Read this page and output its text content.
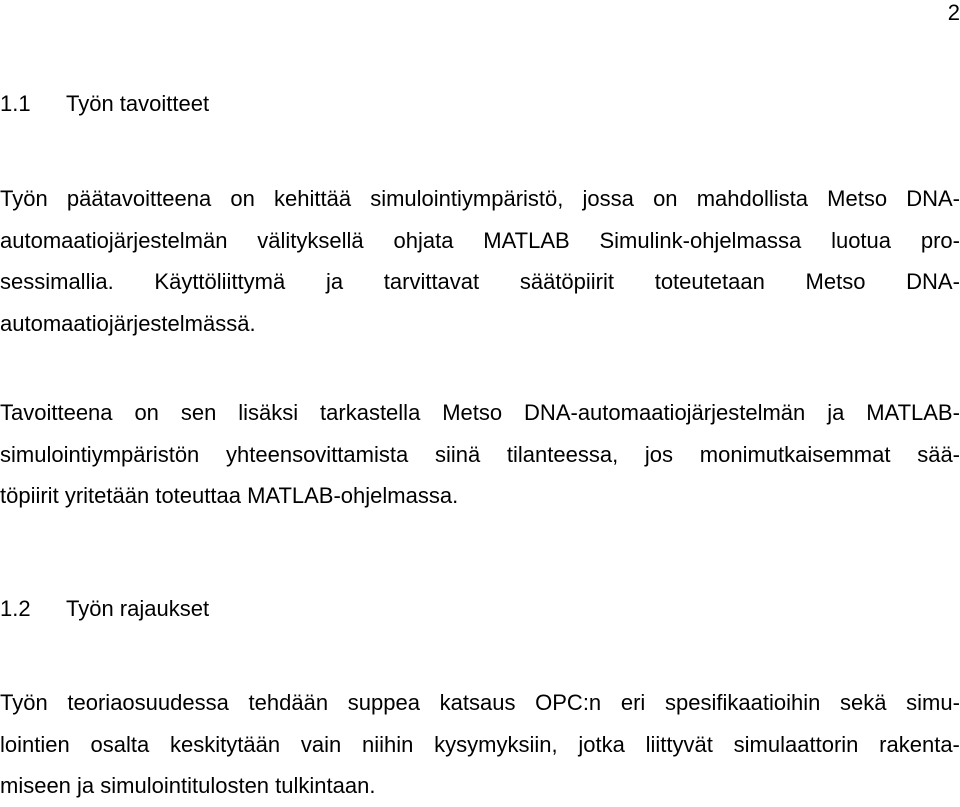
2
1.1 Työn tavoitteet
Työn päätavoitteena on kehittää simulointiympäristö, jossa on mahdollista Metso DNA-
automaatiojärjestelmän välityksellä ohjata MATLAB Simulink-ohjelmassa luotua pro-
sessimallia. Käyttöliittymä ja tarvittavat säätöpiirit toteutetaan Metso DNA-
automaatiojärjestelmässä.
Tavoitteena on sen lisäksi tarkastella Metso DNA-automaatiojärjestelmän ja MATLAB-
simulointiympäristön yhteensovittamista siinä tilanteessa, jos monimutkaisemmat sää-
töpiirit yritetään toteuttaa MATLAB-ohjelmassa.
1.2 Työn rajaukset
Työn teoriaosuudessa tehdään suppea katsaus OPC:n eri spesifikaatioihin sekä simu-
lointien osalta keskitytään vain niihin kysymyksiin, jotka liittyvät simulaattorin rakenta-
miseen ja simulointitulosten tulkintaan.
